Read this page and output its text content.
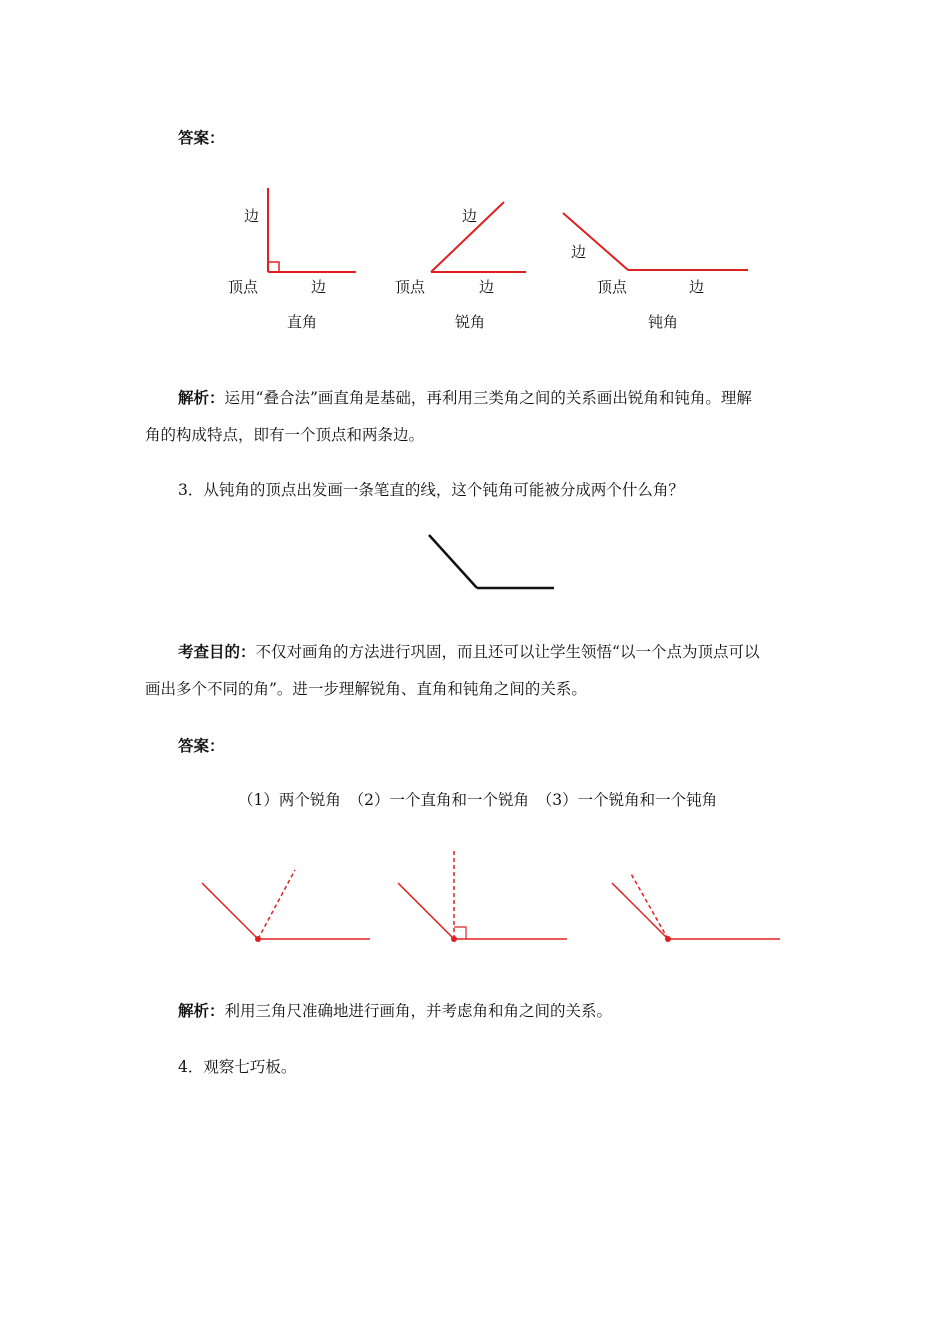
答案：
边
顶点	边
直角
边
顶点	边
锐角
边
顶点	边
钝角
解析：运用“叠合法”画直角是基础，再利用三类角之间的关系画出锐角和钝角。理解
角的构成特点，即有一个顶点和两条边。
3．从钝角的顶点出发画一条笔直的线，这个钝角可能被分成两个什么角？
考查目的：不仅对画角的方法进行巩固，而且还可以让学生领悟“以一个点为顶点可以
画出多个不同的角”。进一步理解锐角、直角和钝角之间的关系。
答案：
（1）两个锐角　（2）一个直角和一个锐角　（3）一个锐角和一个钝角
解析：利用三角尺准确地进行画角，并考虑角和角之间的关系。
4．观察七巧板。
